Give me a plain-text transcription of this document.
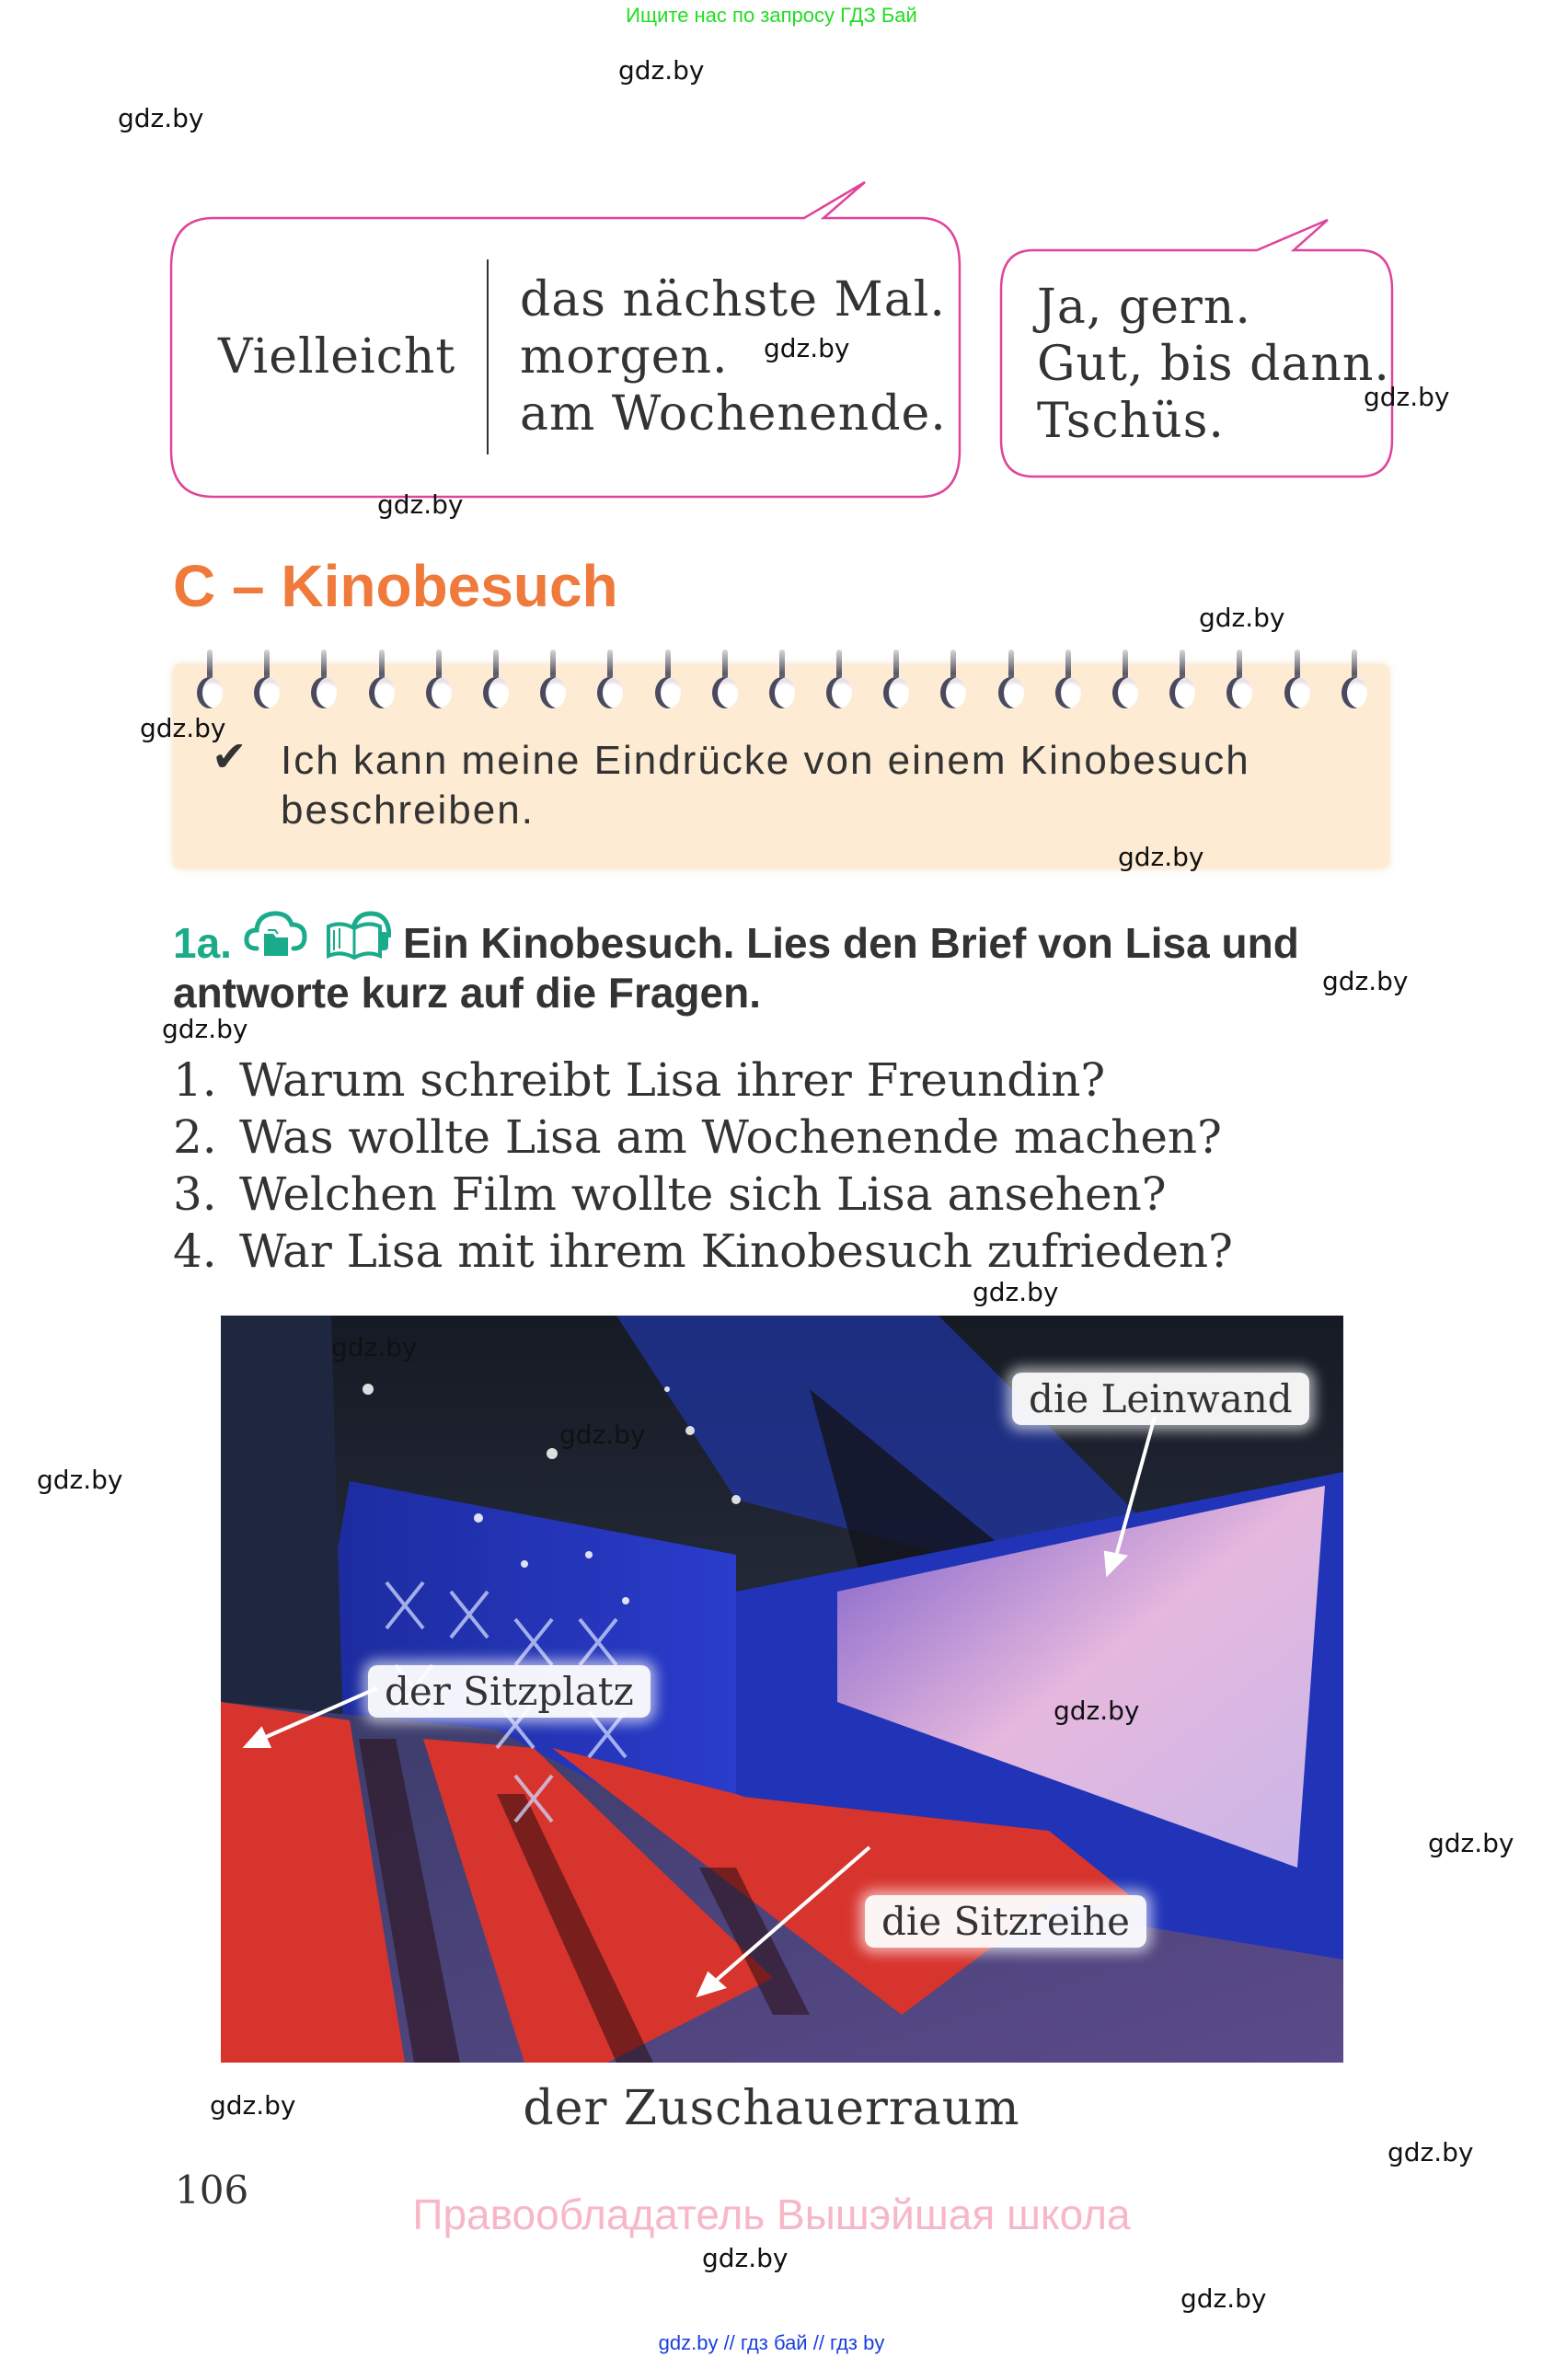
Ищите нас по запросу ГДЗ Бай
Vielleicht
das nächste Mal.
morgen.
am Wochenende.
Ja, gern.
Gut, bis dann.
Tschüs.
C – Kinobesuch
✔ Ich kann meine Eindrücke von einem Kinobesuch beschreiben.
Ein Kinobesuch. Lies den Brief von Lisa und antworte kurz auf die Fragen.
1a.
1. Warum schreibt Lisa ihrer Freundin?
2. Was wollte Lisa am Wochenende machen?
3. Welchen Film wollte sich Lisa ansehen?
4. War Lisa mit ihrem Kinobesuch zufrieden?
die Leinwand
der Sitzplatz
die Sitzreihe
der Zuschauerraum
106
Правообладатель Вышэйшая школа
gdz.by // гдз бай // гдз by
gdz.by
gdz.by
gdz.by
gdz.by
gdz.by
gdz.by
gdz.by
gdz.by
gdz.by
gdz.by
gdz.by
gdz.by
gdz.by
gdz.by
gdz.by
gdz.by
gdz.by
gdz.by
gdz.by
gdz.by
